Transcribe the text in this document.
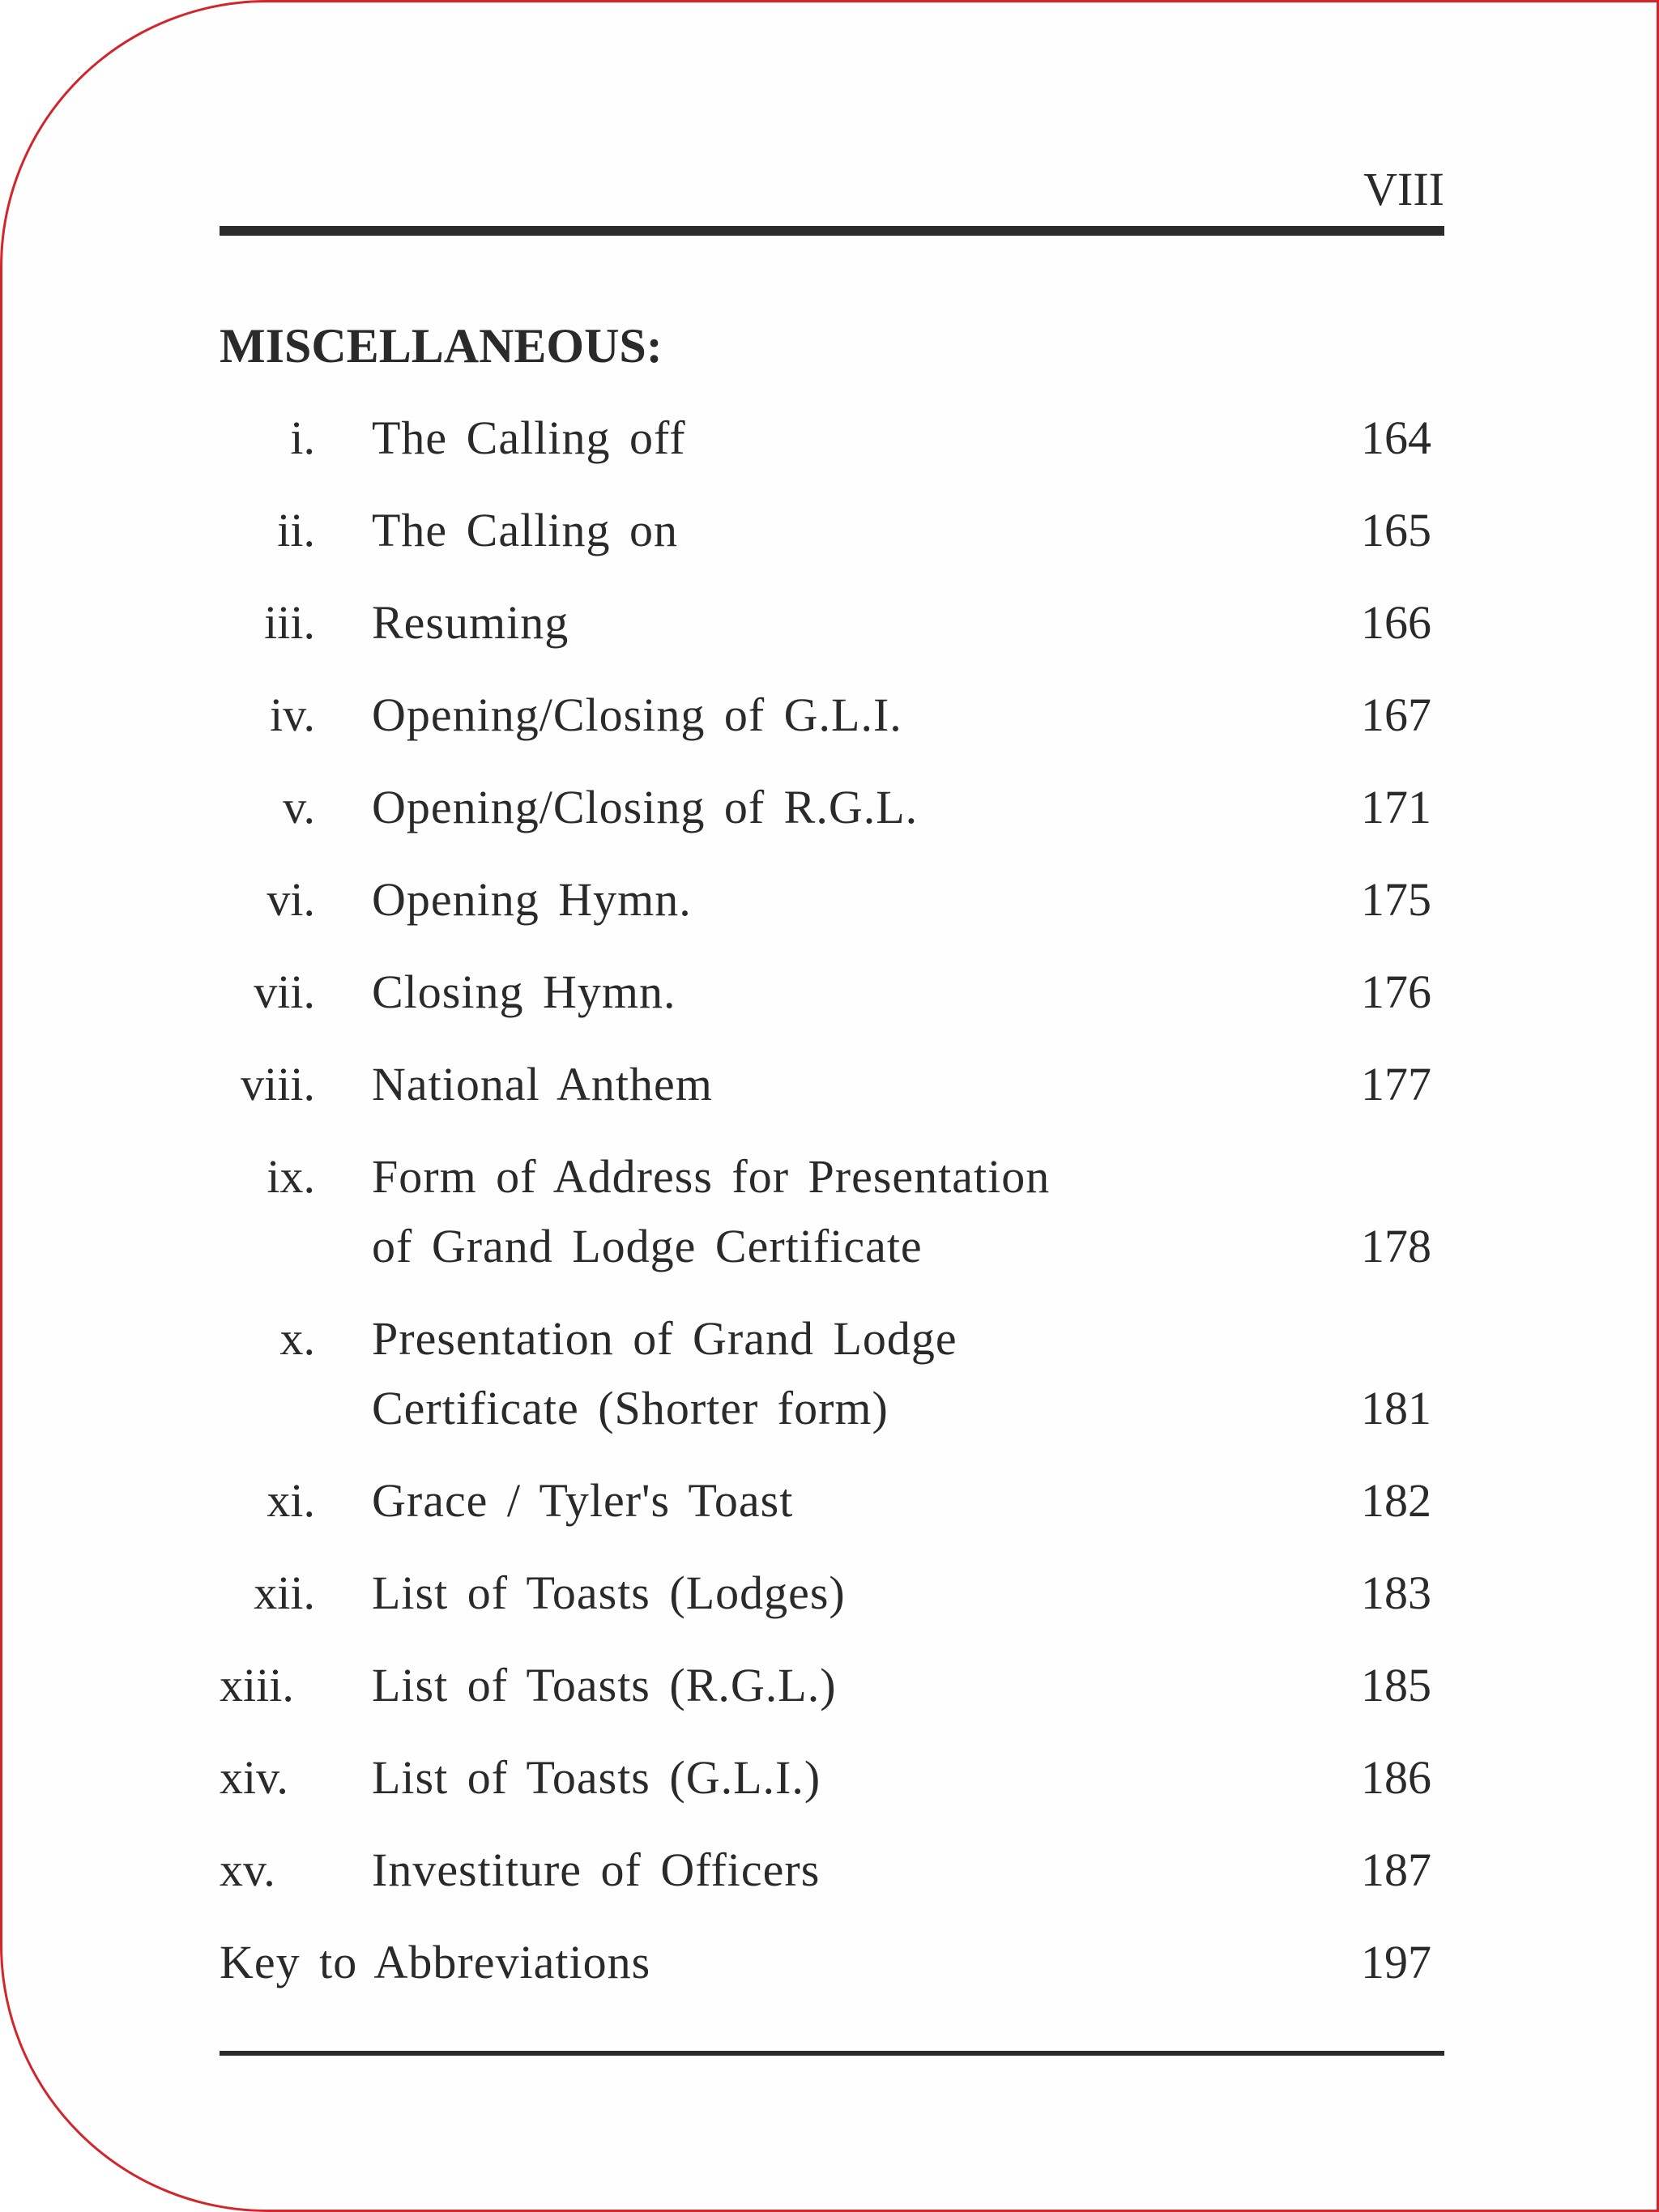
VIII
MISCELLANEOUS:
i. The Calling off	164
ii. The Calling on	165
iii. Resuming	166
iv. Opening/Closing of G.L.I.	167
v. Opening/Closing of R.G.L.	171
vi. Opening Hymn.	175
vii. Closing Hymn.	176
viii. National Anthem	177
ix. Form of Address for Presentation
of Grand Lodge Certificate	178
x. Presentation of Grand Lodge
Certificate (Shorter form)	181
xi. Grace / Tyler's Toast	182
xii. List of Toasts (Lodges)	183
xiii. List of Toasts (R.G.L.)	185
xiv. List of Toasts (G.L.I.)	186
xv. Investiture of Officers	187
Key to Abbreviations	197
